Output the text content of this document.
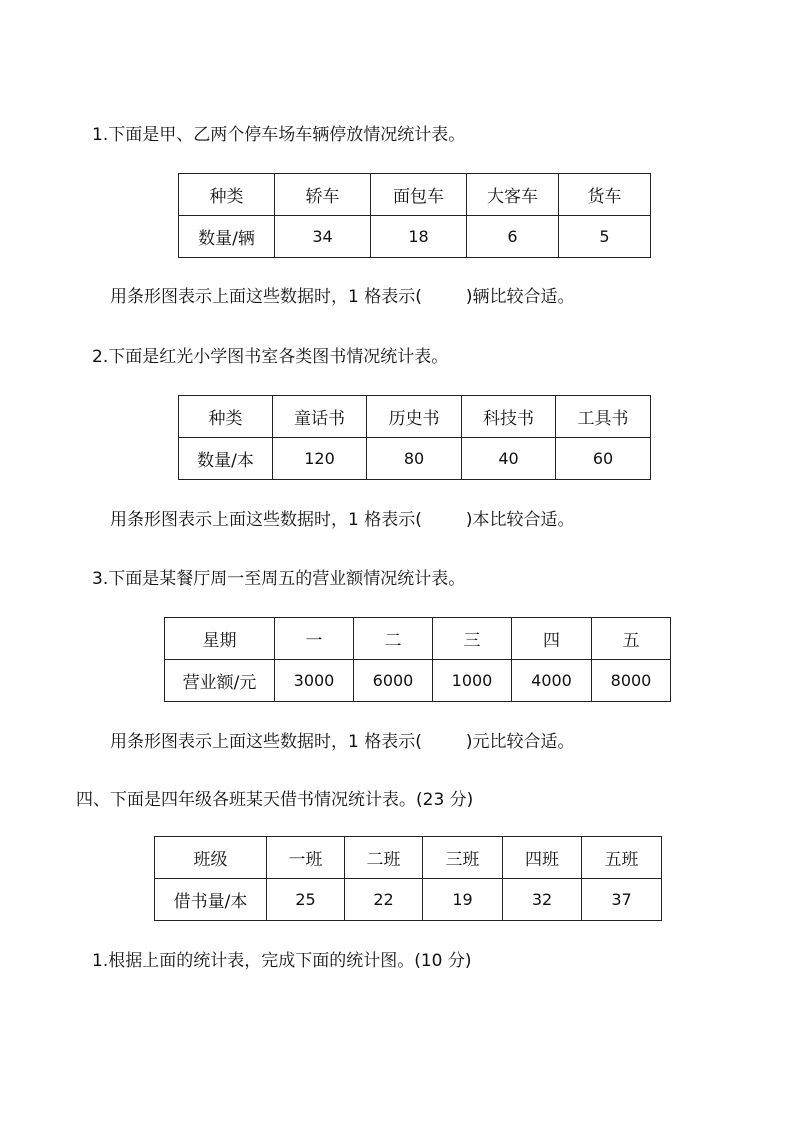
1.下面是甲、乙两个停车场车辆停放情况统计表。
种类	轿车	面包车	大客车	货车
数量/辆	34	18	6	5
用条形图表示上面这些数据时，1 格表示(	)辆比较合适。
2.下面是红光小学图书室各类图书情况统计表。
种类	童话书	历史书	科技书	工具书
数量/本	120	80	40	60
用条形图表示上面这些数据时，1 格表示(	)本比较合适。
3.下面是某餐厅周一至周五的营业额情况统计表。
星期	一	二	三	四	五
营业额/元	3000	6000	1000	4000	8000
用条形图表示上面这些数据时，1 格表示(	)元比较合适。
四、下面是四年级各班某天借书情况统计表。(23 分)
班级	一班	二班	三班	四班	五班
借书量/本	25	22	19	32	37
1.根据上面的统计表，完成下面的统计图。(10 分)
